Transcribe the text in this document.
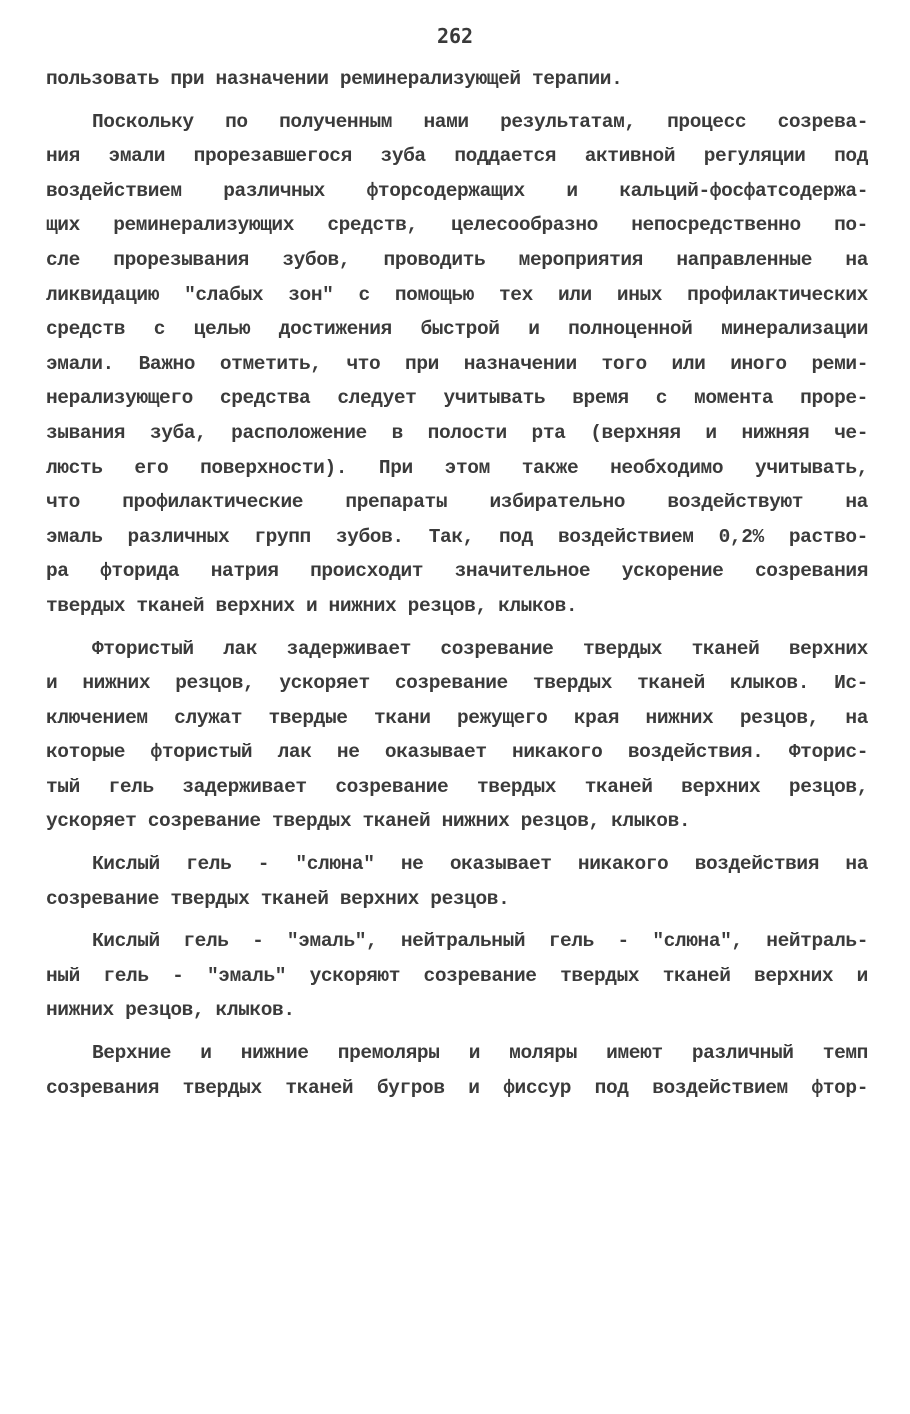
262
пользовать при назначении реминерализующей терапии.
Поскольку по полученным нами результатам, процесс созрева-
ния эмали прорезавшегося зуба поддается активной регуляции под
воздействием различных фторсодержащих и кальций-фосфатсодержа-
щих реминерализующих средств, целесообразно непосредственно по-
сле прорезывания зубов, проводить мероприятия направленные на
ликвидацию "слабых зон" с помощью тех или иных профилактических
средств с целью достижения быстрой и полноценной минерализации
эмали. Важно отметить, что при назначении того или иного реми-
нерализующего средства следует учитывать время с момента проре-
зывания зуба, расположение в полости рта (верхняя и нижняя че-
люсть его поверхности). При этом также необходимо учитывать,
что профилактические препараты избирательно воздействуют на
эмаль различных групп зубов. Так, под воздействием 0,2% раство-
ра фторида натрия происходит значительное ускорение созревания
твердых тканей верхних и нижних резцов, клыков.
Фтористый лак задерживает созревание твердых тканей верхних
и нижних резцов, ускоряет созревание твердых тканей клыков. Ис-
ключением служат твердые ткани режущего края нижних резцов, на
которые фтористый лак не оказывает никакого воздействия. Фторис-
тый гель задерживает созревание твердых тканей верхних резцов,
ускоряет созревание твердых тканей нижних резцов, клыков.
Кислый гель - "слюна" не оказывает никакого воздействия на
созревание твердых тканей верхних резцов.
Кислый гель - "эмаль", нейтральный гель - "слюна", нейтраль-
ный гель - "эмаль" ускоряют созревание твердых тканей верхних и
нижних резцов, клыков.
Верхние и нижние премоляры и моляры имеют различный темп
созревания твердых тканей бугров и фиссур под воздействием фтор-
